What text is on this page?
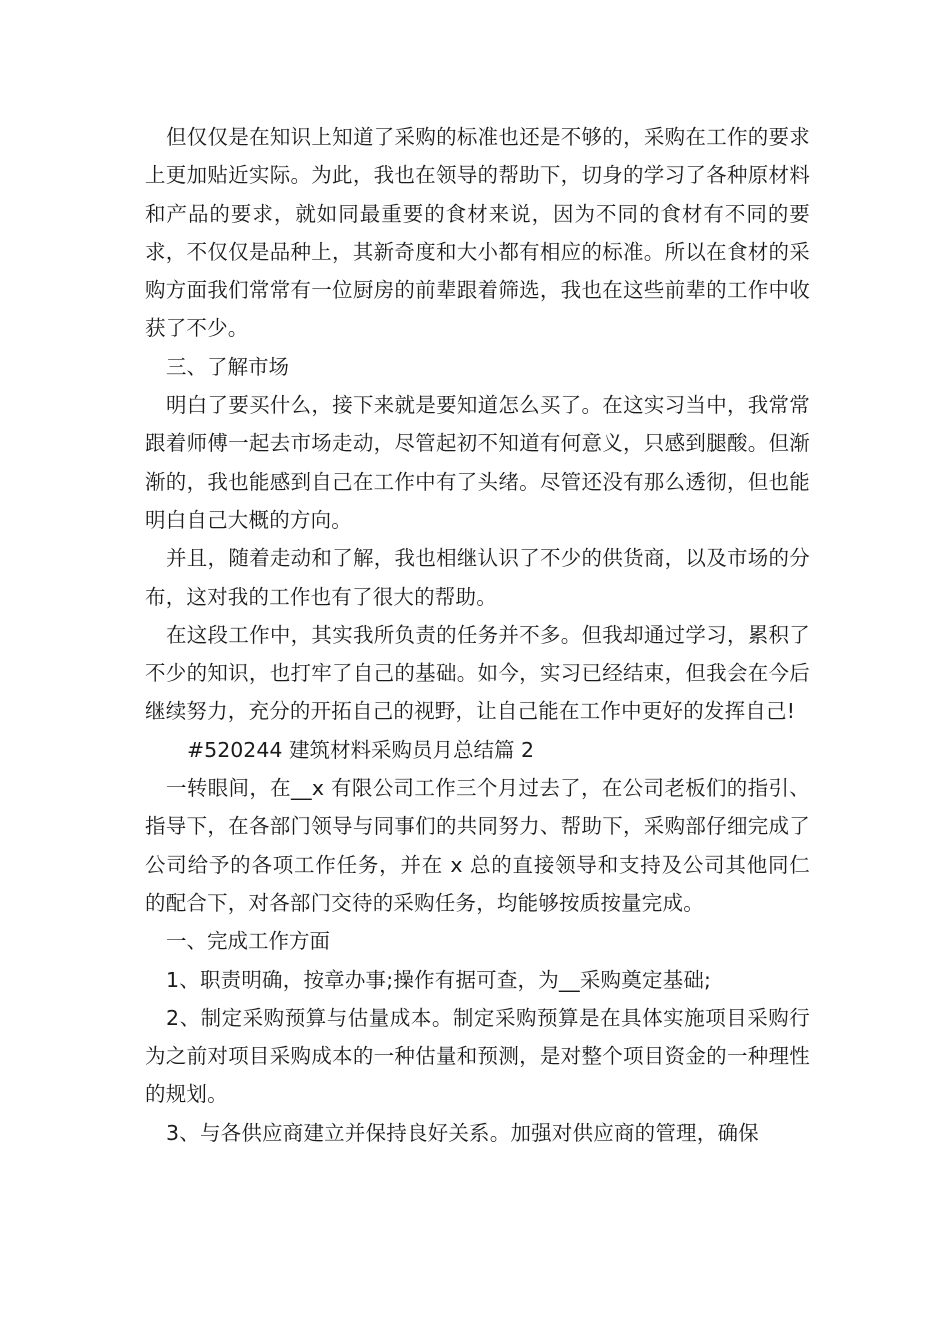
但仅仅是在知识上知道了采购的标准也还是不够的，采购在工作的要求上更加贴近实际。为此，我也在领导的帮助下，切身的学习了各种原材料和产品的要求，就如同最重要的食材来说，因为不同的食材有不同的要求，不仅仅是品种上，其新奇度和大小都有相应的标准。所以在食材的采购方面我们常常有一位厨房的前辈跟着筛选，我也在这些前辈的工作中收获了不少。

三、了解市场

明白了要买什么，接下来就是要知道怎么买了。在这实习当中，我常常跟着师傅一起去市场走动，尽管起初不知道有何意义，只感到腿酸。但渐渐的，我也能感到自己在工作中有了头绪。尽管还没有那么透彻，但也能明白自己大概的方向。

并且，随着走动和了解，我也相继认识了不少的供货商，以及市场的分布，这对我的工作也有了很大的帮助。

在这段工作中，其实我所负责的任务并不多。但我却通过学习，累积了不少的知识，也打牢了自己的基础。如今，实习已经结束，但我会在今后继续努力，充分的开拓自己的视野，让自己能在工作中更好的发挥自己!

#520244 建筑材料采购员月总结篇 2

一转眼间，在__x 有限公司工作三个月过去了，在公司老板们的指引、指导下，在各部门领导与同事们的共同努力、帮助下，采购部仔细完成了公司给予的各项工作任务，并在 x 总的直接领导和支持及公司其他同仁的配合下，对各部门交待的采购任务，均能够按质按量完成。

一、完成工作方面

1、职责明确，按章办事;操作有据可查，为__采购奠定基础;

2、制定采购预算与估量成本。制定采购预算是在具体实施项目采购行为之前对项目采购成本的一种估量和预测，是对整个项目资金的一种理性的规划。

3、与各供应商建立并保持良好关系。加强对供应商的管理，确保
